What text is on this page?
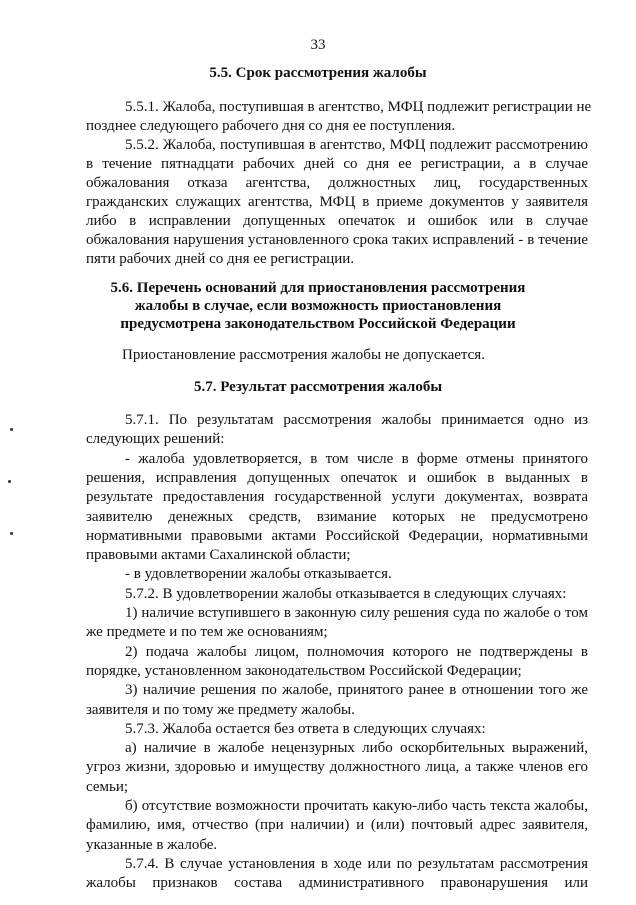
33
5.5. Срок рассмотрения жалобы
5.5.1. Жалоба, поступившая в агентство, МФЦ подлежит регистрации не
позднее следующего рабочего дня со дня ее поступления.
5.5.2. Жалоба, поступившая в агентство, МФЦ подлежит рассмотрению
в течение пятнадцати рабочих дней со дня ее регистрации, а в случае
обжалования отказа агентства, должностных лиц, государственных
гражданских служащих агентства, МФЦ в приеме документов у заявителя
либо в исправлении допущенных опечаток и ошибок или в случае
обжалования нарушения установленного срока таких исправлений - в течение
пяти рабочих дней со дня ее регистрации.
5.6. Перечень оснований для приостановления рассмотрения
жалобы в случае, если возможность приостановления
предусмотрена законодательством Российской Федерации
Приостановление рассмотрения жалобы не допускается.
5.7. Результат рассмотрения жалобы
5.7.1. По результатам рассмотрения жалобы принимается одно из
следующих решений:
- жалоба удовлетворяется, в том числе в форме отмены принятого
решения, исправления допущенных опечаток и ошибок в выданных в
результате предоставления государственной услуги документах, возврата
заявителю денежных средств, взимание которых не предусмотрено
нормативными правовыми актами Российской Федерации, нормативными
правовыми актами Сахалинской области;
- в удовлетворении жалобы отказывается.
5.7.2. В удовлетворении жалобы отказывается в следующих случаях:
1) наличие вступившего в законную силу решения суда по жалобе о том
же предмете и по тем же основаниям;
2) подача жалобы лицом, полномочия которого не подтверждены в
порядке, установленном законодательством Российской Федерации;
3) наличие решения по жалобе, принятого ранее в отношении того же
заявителя и по тому же предмету жалобы.
5.7.3. Жалоба остается без ответа в следующих случаях:
а) наличие в жалобе нецензурных либо оскорбительных выражений,
угроз жизни, здоровью и имуществу должностного лица, а также членов его
семьи;
б) отсутствие возможности прочитать какую-либо часть текста жалобы,
фамилию, имя, отчество (при наличии) и (или) почтовый адрес заявителя,
указанные в жалобе.
5.7.4. В случае установления в ходе или по результатам рассмотрения
жалобы признаков состава административного правонарушения или
